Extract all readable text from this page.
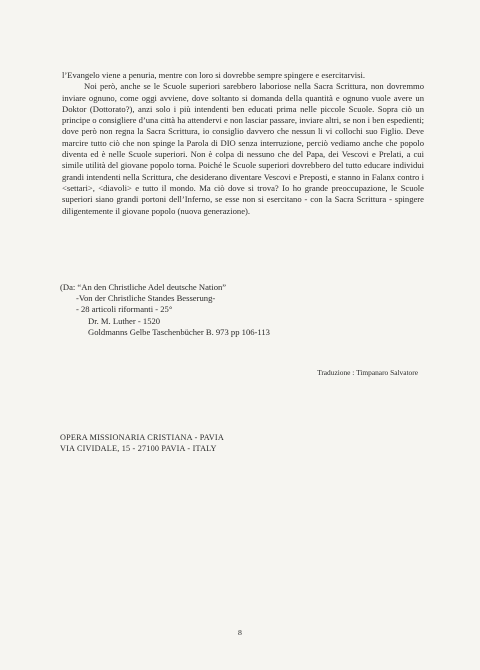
l’Evangelo viene a penuria, mentre con loro si dovrebbe sempre spingere e esercitarvisi.

Noi però, anche se le Scuole superiori sarebbero laboriose nella Sacra Scrittura, non dovremmo inviare ognuno, come oggi avviene, dove soltanto si domanda della quantità e ognuno vuole avere un Doktor (Dottorato?), anzi solo i più intendenti ben educati prima nelle piccole Scuole. Sopra ciò un principe o consigliere d’una città ha attendervi e non lasciar passare, inviare altri, se non i ben espedienti; dove però non regna la Sacra Scrittura, io consiglio davvero che nessun li vi collochi suo Figlio. Deve marcire tutto ciò che non spinge la Parola di DIO senza interruzione, perciò vediamo anche che popolo diventa ed è nelle Scuole superiori. Non è colpa di nessuno che del Papa, dei Vescovi e Prelati, a cui simile utilità del giovane popolo torna. Poiché le Scuole superiori dovrebbero del tutto educare individui grandi intendenti nella Scrittura, che desiderano diventare Vescovi e Preposti, e stanno in Falanx contro i <settari>, <diavoli> e tutto il mondo. Ma ciò dove si trova? Io ho grande preoccupazione, le Scuole superiori siano grandi portoni dell’Inferno, se esse non si esercitano - con la Sacra Scrittura - spingere diligentemente il giovane popolo (nuova generazione).

(Da: “An den Christliche Adel deutsche Nation”
-Von der Christliche Standes Besserung-
- 28 articoli riformanti - 25°
Dr. M. Luther - 1520
Goldmanns Gelbe Taschenbücher B. 973 pp 106-113
Traduzione : Timpanaro Salvatore
OPERA MISSIONARIA CRISTIANA - PAVIA
VIA CIVIDALE, 15 - 27100 PAVIA - ITALY
8
